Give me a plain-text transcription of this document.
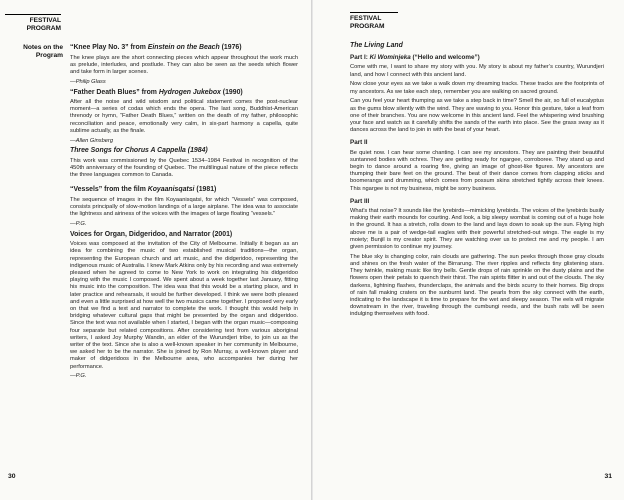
FESTIVAL PROGRAM
Notes on the Program
“Knee Play No. 3” from Einstein on the Beach (1976)

The knee plays are the short connecting pieces which appear throughout the work much as prelude, interludes, and postlude. They can also be seen as the seeds which flower and take form in larger scenes.

—Philip Glass

“Father Death Blues” from Hydrogen Jukebox (1990)

After all the noise and wild wisdom and political statement comes the post-nuclear moment—a series of codas which ends the opera. The last song, Buddhist-American threnody or hymn, “Father Death Blues,” written on the death of my father, philosophic reconciliation and peace, emotionally very calm, in six-part harmony a capella, quite sublime actually, as the finale.

—Allen Ginsberg

Three Songs for Chorus A Cappella (1984)

This work was commissioned by the Quebec 1534–1984 Festival in recognition of the 450th anniversary of the founding of Quebec. The multilingual nature of the piece reflects the three languages common to Canada.

“Vessels” from the film Koyaanisqatsi (1981)

The sequence of images in the film Koyaanisqatsi, for which “Vessels” was composed, consists principally of slow-motion landings of a large airplane. The idea was to associate the lightness and airiness of the voices with the images of large floating “vessels.”

—P.G.

Voices for Organ, Didgeridoo, and Narrator (2001)

Voices was composed at the invitation of the City of Melbourne. Initially it began as an idea for combining the music of two established musical traditions—the organ, representing the European church and art music, and the didgeridoo, representing the indigenous music of Australia. I knew Mark Atkins only by his recording and was extremely pleased when he agreed to come to New York to work on integrating his didgeridoo playing with the music I composed. We spent about a week together last January, fitting his music into the composition. The idea was that this would be a starting place, and in later practice and rehearsals, it would be further developed. I think we were both pleased and even a little surprised at how well the two musics came together. I proposed very early on that we find a text and narrator to complete the work. I thought this would help in bridging whatever cultural gaps that might be presented by the organ and didgeridoo. Since the text was not available when I started, I began with the organ music—composing four separate but related compositions. After considering text from various aboriginal writers, I asked Joy Murphy Wandin, an elder of the Wurundjeri tribe, to join us as the writer of the text. Since she is also a well-known speaker in her community in Melbourne, we asked her to be the narrator. She is joined by Ron Murray, a well-known player and maker of didgeridoos in the Melbourne area, who accompanies her during her performance.

—P.G.

30
FESTIVAL PROGRAM
The Living Land
Part I: Ki Wominjeka (“Hello and welcome”)

Come with me, I want to share my story with you. My story is about my father’s country, Wurundjeri land, and how I connect with this ancient land.

Now close your eyes as we take a walk down my dreaming tracks. These tracks are the footprints of my ancestors. As we take each step, remember you are walking on sacred ground.

Can you feel your heart thumping as we take a step back in time? Smell the air, so full of eucalyptus as the gums blow silently with the wind. They are waving to you. Honor this gesture, take a leaf from one of their branches. You are now welcome in this ancient land. Feel the whispering wind brushing your face and watch as it carefully shifts the sands of the earth into place. See the grass sway as it dances across the land to join in with the beat of your heart.

Part II

Be quiet now. I can hear some chanting. I can see my ancestors. They are painting their beautiful suntanned bodies with ochres. They are getting ready for ngargee, corroboree. They stand up and begin to dance around a roaring fire, giving an image of ghost-like figures. My ancestors are thumping their bare feet on the ground. The beat of their dance comes from clapping sticks and boomerangs and drumming, which comes from possum skins stretched tightly across their knees. This ngargee is not my business, might be sorry business.

Part III

What’s that noise? It sounds like the lyrebirds—mimicking lyrebirds. The voices of the lyrebirds busily making their earth mounds for courting. And look, a big sleepy wombat is coming out of a huge hole in the ground. It has a stretch, rolls down to the land and lays down to soak up the sun. Flying high above me is a pair of wedge-tail eagles with their powerful stretched-out wings. The eagle is my moiety; Bunjil is my creator spirit. They are watching over us to protect me and my people. I am given permission to continue my journey.

The blue sky is changing color, rain clouds are gathering. The sun peeks through those gray clouds and shines on the fresh water of the Birrarung. The river ripples and reflects tiny glistening stars. They twinkle, making music like tiny bells. Gentle drops of rain sprinkle on the dusty plains and the flowers open their petals to quench their thirst. The rain spirits flitter in and out of the clouds. The sky darkens, lightning flashes, thunderclaps, the animals and the birds scurry to their homes. Big drops of rain fall making craters on the sunburnt land. The pearls from the sky connect with the earth, indicating to the landscape it is time to prepare for the wet and sleepy season. The eels will migrate downstream in the river, traveling through the cumbungi reeds, and the bush rats will be seen indulging themselves with food.

31
